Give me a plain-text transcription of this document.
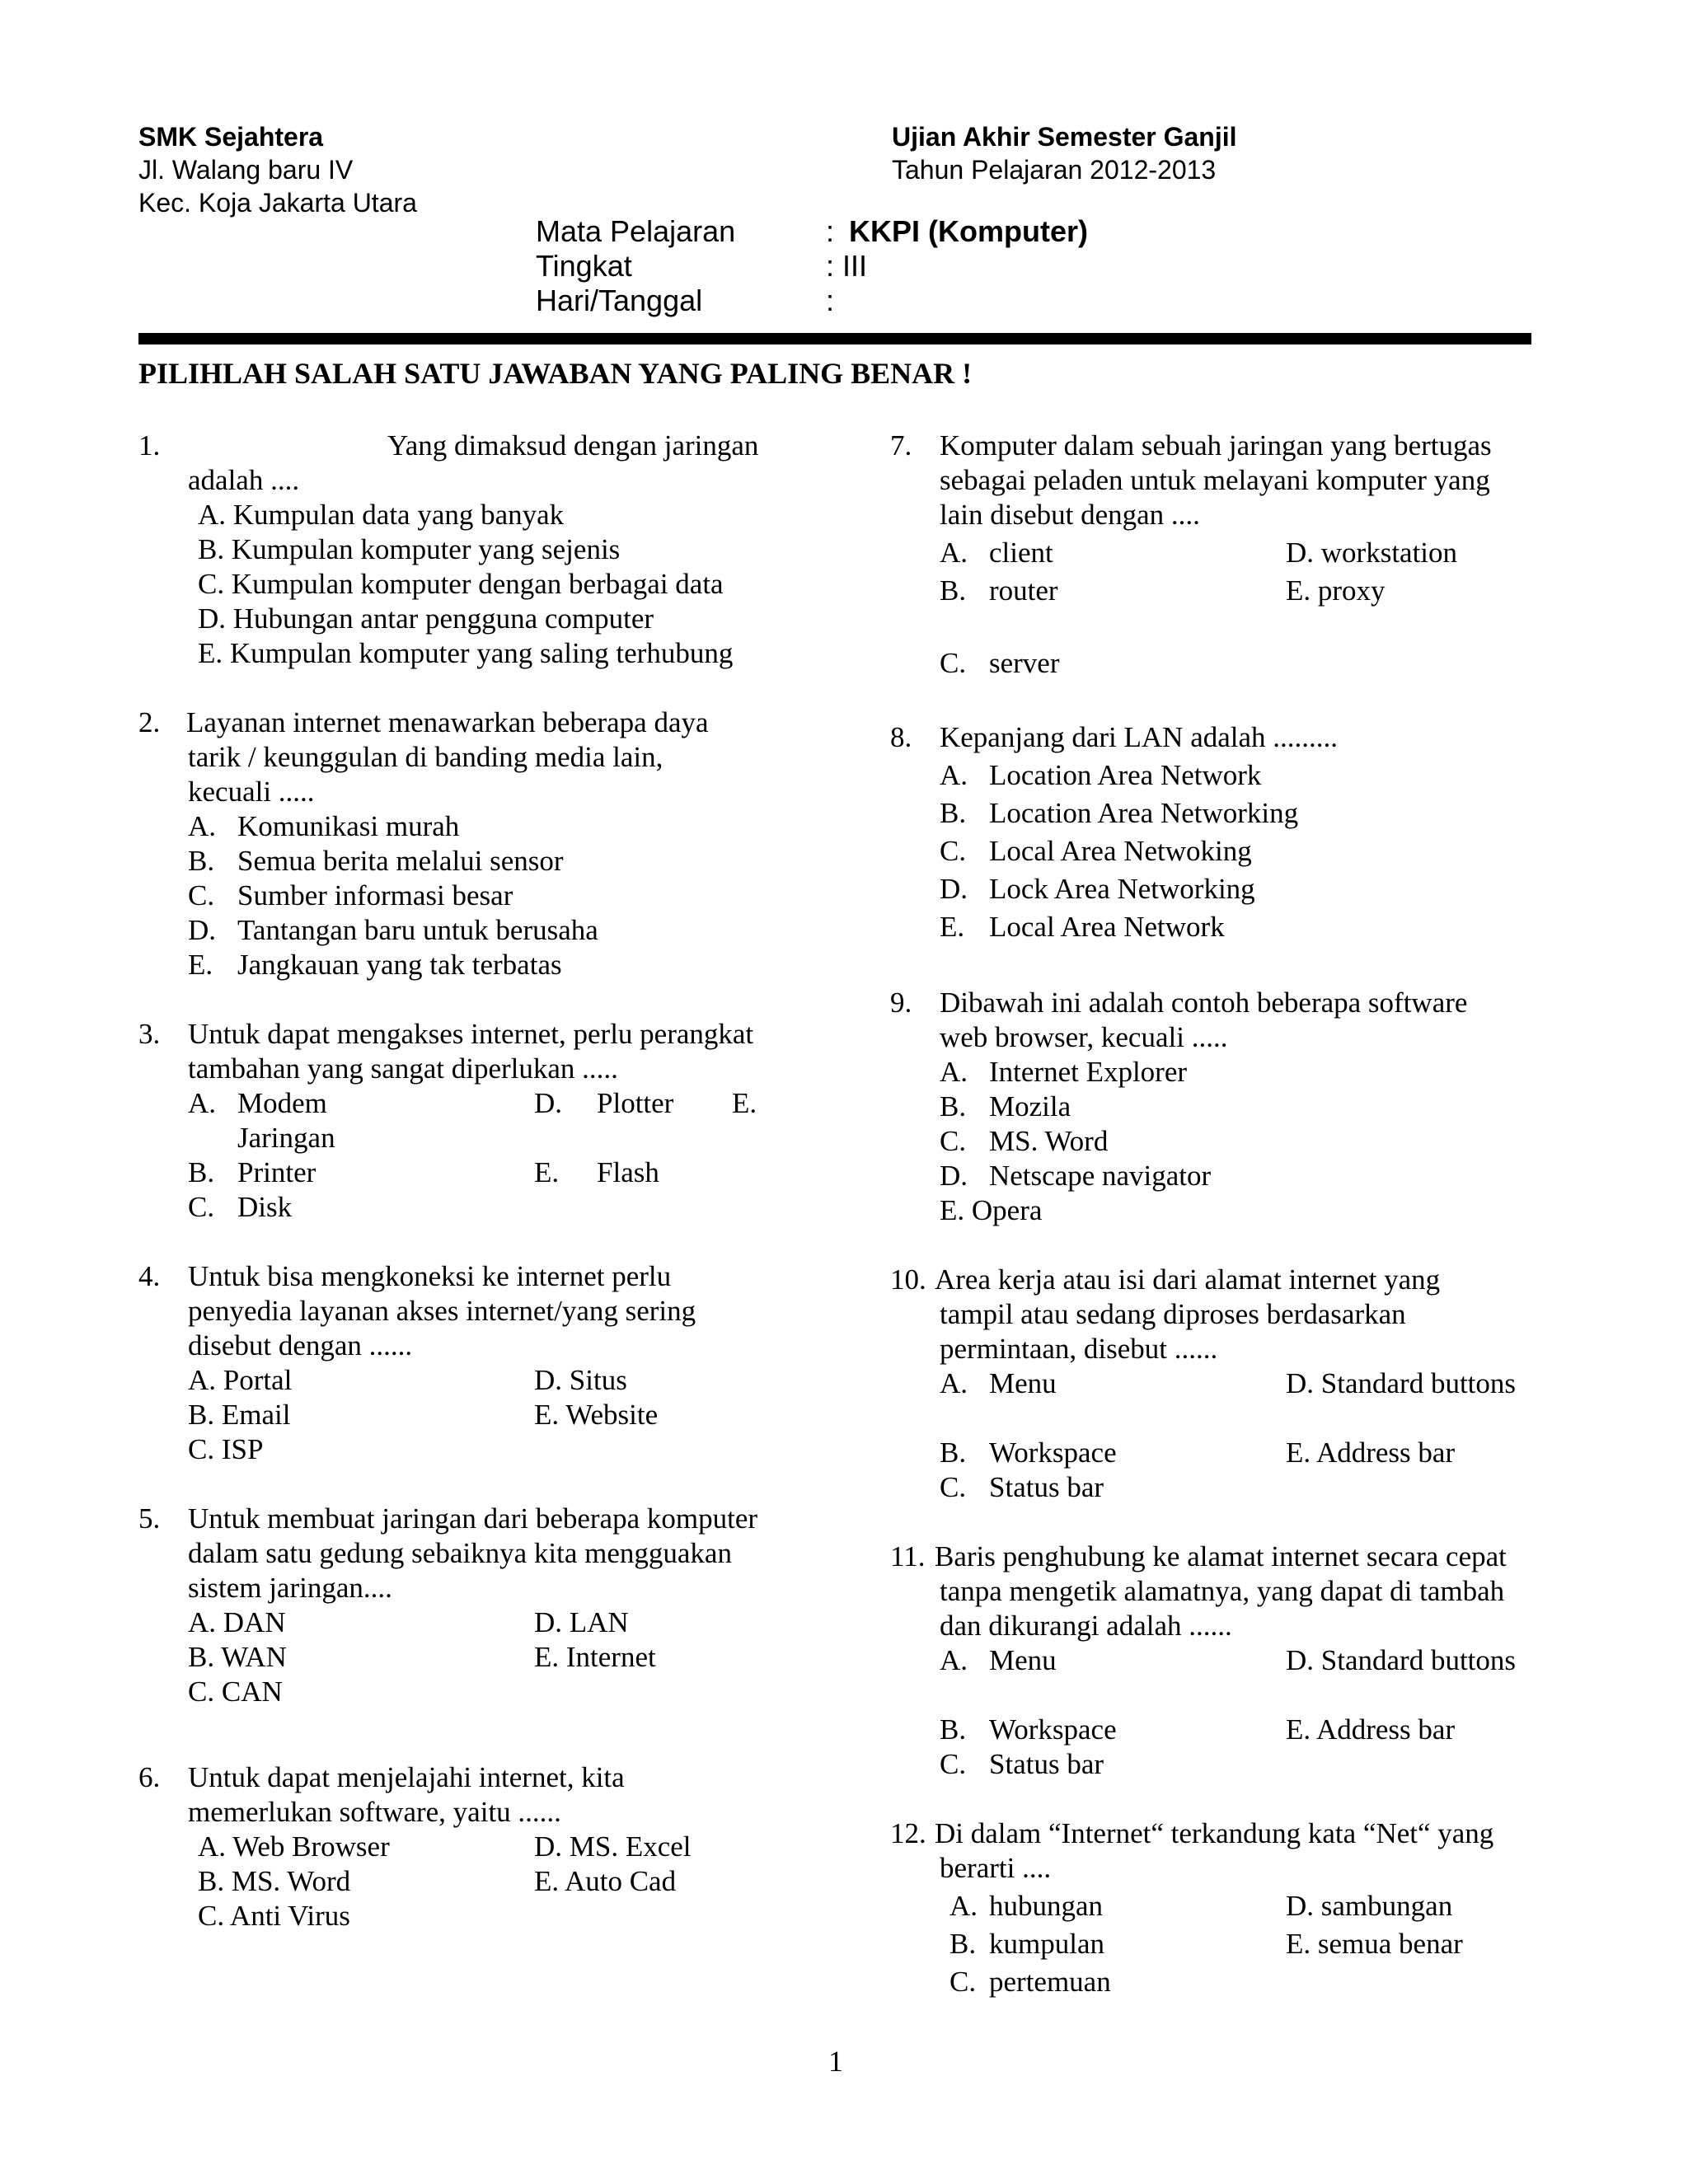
SMK Sejahtera
Jl. Walang baru IV
Kec. Koja Jakarta Utara
Ujian Akhir Semester Ganjil
Tahun Pelajaran 2012-2013
Mata Pelajaran	: KKPI (Komputer)
Tingkat	: III
Hari/Tanggal	:
PILIHLAH SALAH SATU JAWABAN YANG PALING BENAR !
1.	Yang dimaksud dengan jaringan
adalah ....
A. Kumpulan data yang banyak
B. Kumpulan komputer yang sejenis
C. Kumpulan komputer dengan berbagai data
D. Hubungan antar pengguna computer
E. Kumpulan komputer yang saling terhubung
2. Layanan internet menawarkan beberapa daya
tarik / keunggulan di banding media lain,
kecuali .....
A. Komunikasi murah
B. Semua berita melalui sensor
C. Sumber informasi besar
D. Tantangan baru untuk berusaha
E. Jangkauan yang tak terbatas
3. Untuk dapat mengakses internet, perlu perangkat
tambahan yang sangat diperlukan .....
A. Modem	D. Plotter E.
Jaringan
B. Printer	E. Flash
C. Disk
4. Untuk bisa mengkoneksi ke internet perlu
penyedia layanan akses internet/yang sering
disebut dengan ......
A. Portal	D. Situs
B. Email	E. Website
C. ISP
5. Untuk membuat jaringan dari beberapa komputer
dalam satu gedung sebaiknya kita mengguakan
sistem jaringan....
A. DAN	D. LAN
B. WAN	E. Internet
C. CAN
6. Untuk dapat menjelajahi internet, kita
memerlukan software, yaitu ......
A. Web Browser	D. MS. Excel
B. MS. Word	E. Auto Cad
C. Anti Virus
7. Komputer dalam sebuah jaringan yang bertugas
sebagai peladen untuk melayani komputer yang
lain disebut dengan ....
A. client	D. workstation
B. router	E. proxy
C. server
8. Kepanjang dari LAN adalah .........
A. Location Area Network
B. Location Area Networking
C. Local Area Netwoking
D. Lock Area Networking
E. Local Area Network
9. Dibawah ini adalah contoh beberapa software
web browser, kecuali .....
A. Internet Explorer
B. Mozila
C. MS. Word
D. Netscape navigator
E. Opera
10. Area kerja atau isi dari alamat internet yang
tampil atau sedang diproses berdasarkan
permintaan, disebut ......
A. Menu	D. Standard buttons
B. Workspace	E. Address bar
C. Status bar
11. Baris penghubung ke alamat internet secara cepat
tanpa mengetik alamatnya, yang dapat di tambah
dan dikurangi adalah ......
A. Menu	D. Standard buttons
B. Workspace	E. Address bar
C. Status bar
12. Di dalam “Internet“ terkandung kata “Net“ yang
berarti ....
A. hubungan	D. sambungan
B. kumpulan	E. semua benar
C. pertemuan
1
